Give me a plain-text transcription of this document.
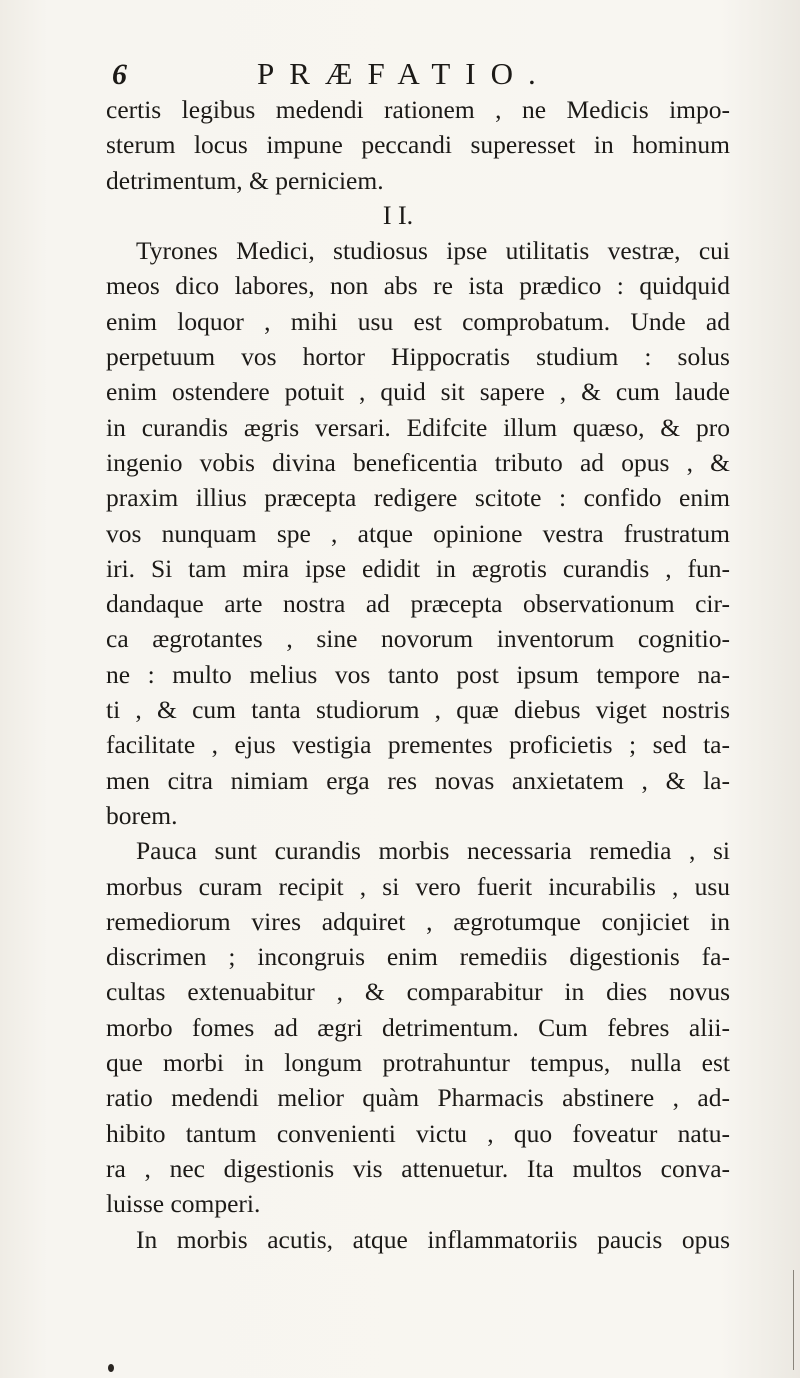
6	PRÆFATIO.
certis legibus medendi rationem , ne Medicis impo-
sterum locus impune peccandi superesset in hominum
detrimentum, & perniciem.
I I.
Tyrones Medici, studiosus ipse utilitatis vestræ, cui
meos dico labores, non abs re ista prædico : quidquid
enim loquor , mihi usu est comprobatum. Unde ad
perpetuum vos hortor Hippocratis studium : solus
enim ostendere potuit , quid sit sapere , & cum laude
in curandis ægris versari. Edifcite illum quæso, & pro
ingenio vobis divina beneficentia tributo ad opus , &
praxim illius præcepta redigere scitote : confido enim
vos nunquam spe , atque opinione vestra frustratum
iri. Si tam mira ipse edidit in ægrotis curandis , fun-
dandaque arte nostra ad præcepta observationum cir-
ca ægrotantes , sine novorum inventorum cognitio-
ne : multo melius vos tanto post ipsum tempore na-
ti , & cum tanta studiorum , quæ diebus viget nostris
facilitate , ejus vestigia prementes proficietis ; sed ta-
men citra nimiam erga res novas anxietatem , & la-
borem.
Pauca sunt curandis morbis necessaria remedia , si
morbus curam recipit , si vero fuerit incurabilis , usu
remediorum vires adquiret , ægrotumque conjiciet in
discrimen ; incongruis enim remediis digestionis fa-
cultas extenuabitur , & comparabitur in dies novus
morbo fomes ad ægri detrimentum. Cum febres alii-
que morbi in longum protrahuntur tempus, nulla est
ratio medendi melior quàm Pharmacis abstinere , ad-
hibito tantum convenienti victu , quo foveatur natu-
ra , nec digestionis vis attenuetur. Ita multos conva-
luisse comperi.
In morbis acutis, atque inflammatoriis paucis opus
